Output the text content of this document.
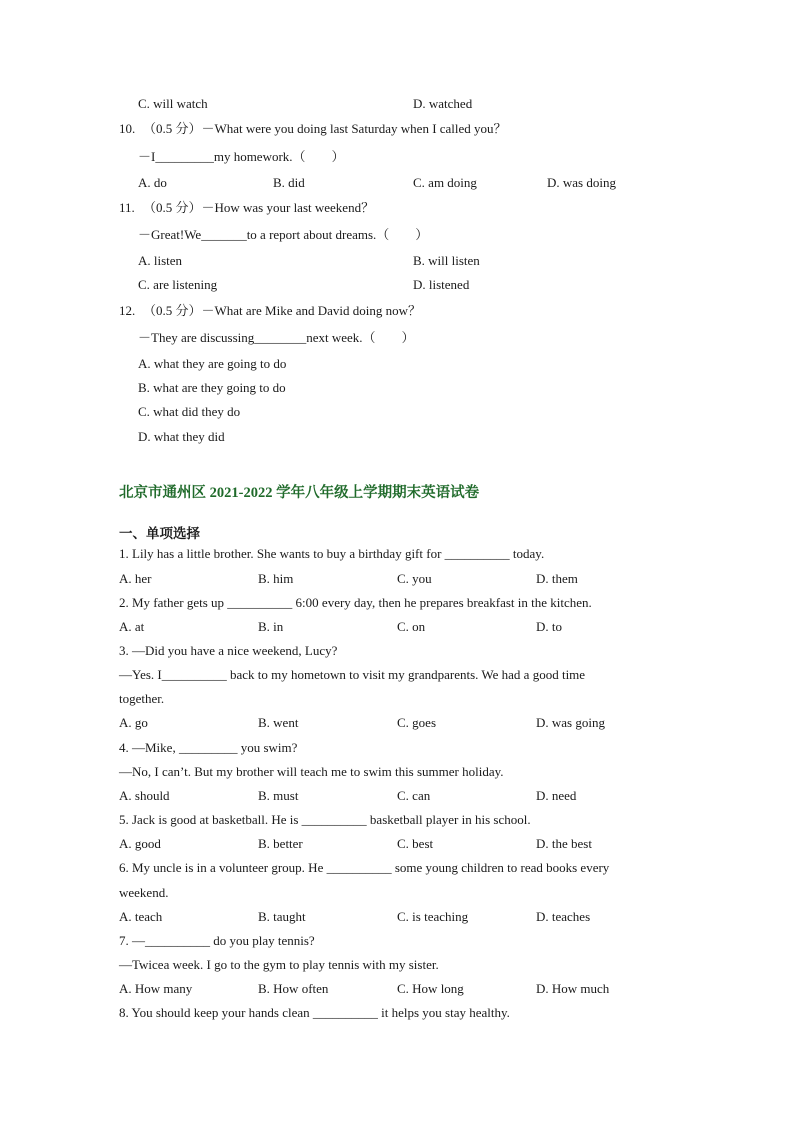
C. will watch	D. watched
10. （0.5 分）－What were you doing last Saturday when I called you？
－I_________my homework.（　　）
A. do	B. did	C. am doing	D. was doing
11. （0.5 分）－How was your last weekend？
－Great!We_______to a report about dreams.（　　）
A. listen	B. will listen
C. are listening	D. listened
12. （0.5 分）－What are Mike and David doing now？
－They are discussing________next week.（　　）
A. what they are going to do
B. what are they going to do
C. what did they do
D. what they did
北京市通州区 2021-2022 学年八年级上学期期末英语试卷
一、单项选择
1. Lily has a little brother. She wants to buy a birthday gift for __________ today.
A. her	B. him	C. you	D. them
2. My father gets up __________ 6:00 every day, then he prepares breakfast in the kitchen.
A. at	B. in	C. on	D. to
3. —Did you have a nice weekend, Lucy?
—Yes. I__________ back to my hometown to visit my grandparents. We had a good time
together.
A. go	B. went	C. goes	D. was going
4. —Mike, _________ you swim?
—No, I can’t. But my brother will teach me to swim this summer holiday.
A. should	B. must	C. can	D. need
5. Jack is good at basketball. He is __________ basketball player in his school.
A. good	B. better	C. best	D. the best
6. My uncle is in a volunteer group. He __________ some young children to read books every
weekend.
A. teach	B. taught	C. is teaching	D. teaches
7. —__________ do you play tennis?
—Twicea week. I go to the gym to play tennis with my sister.
A. How many	B. How often	C. How long	D. How much
8. You should keep your hands clean __________ it helps you stay healthy.
